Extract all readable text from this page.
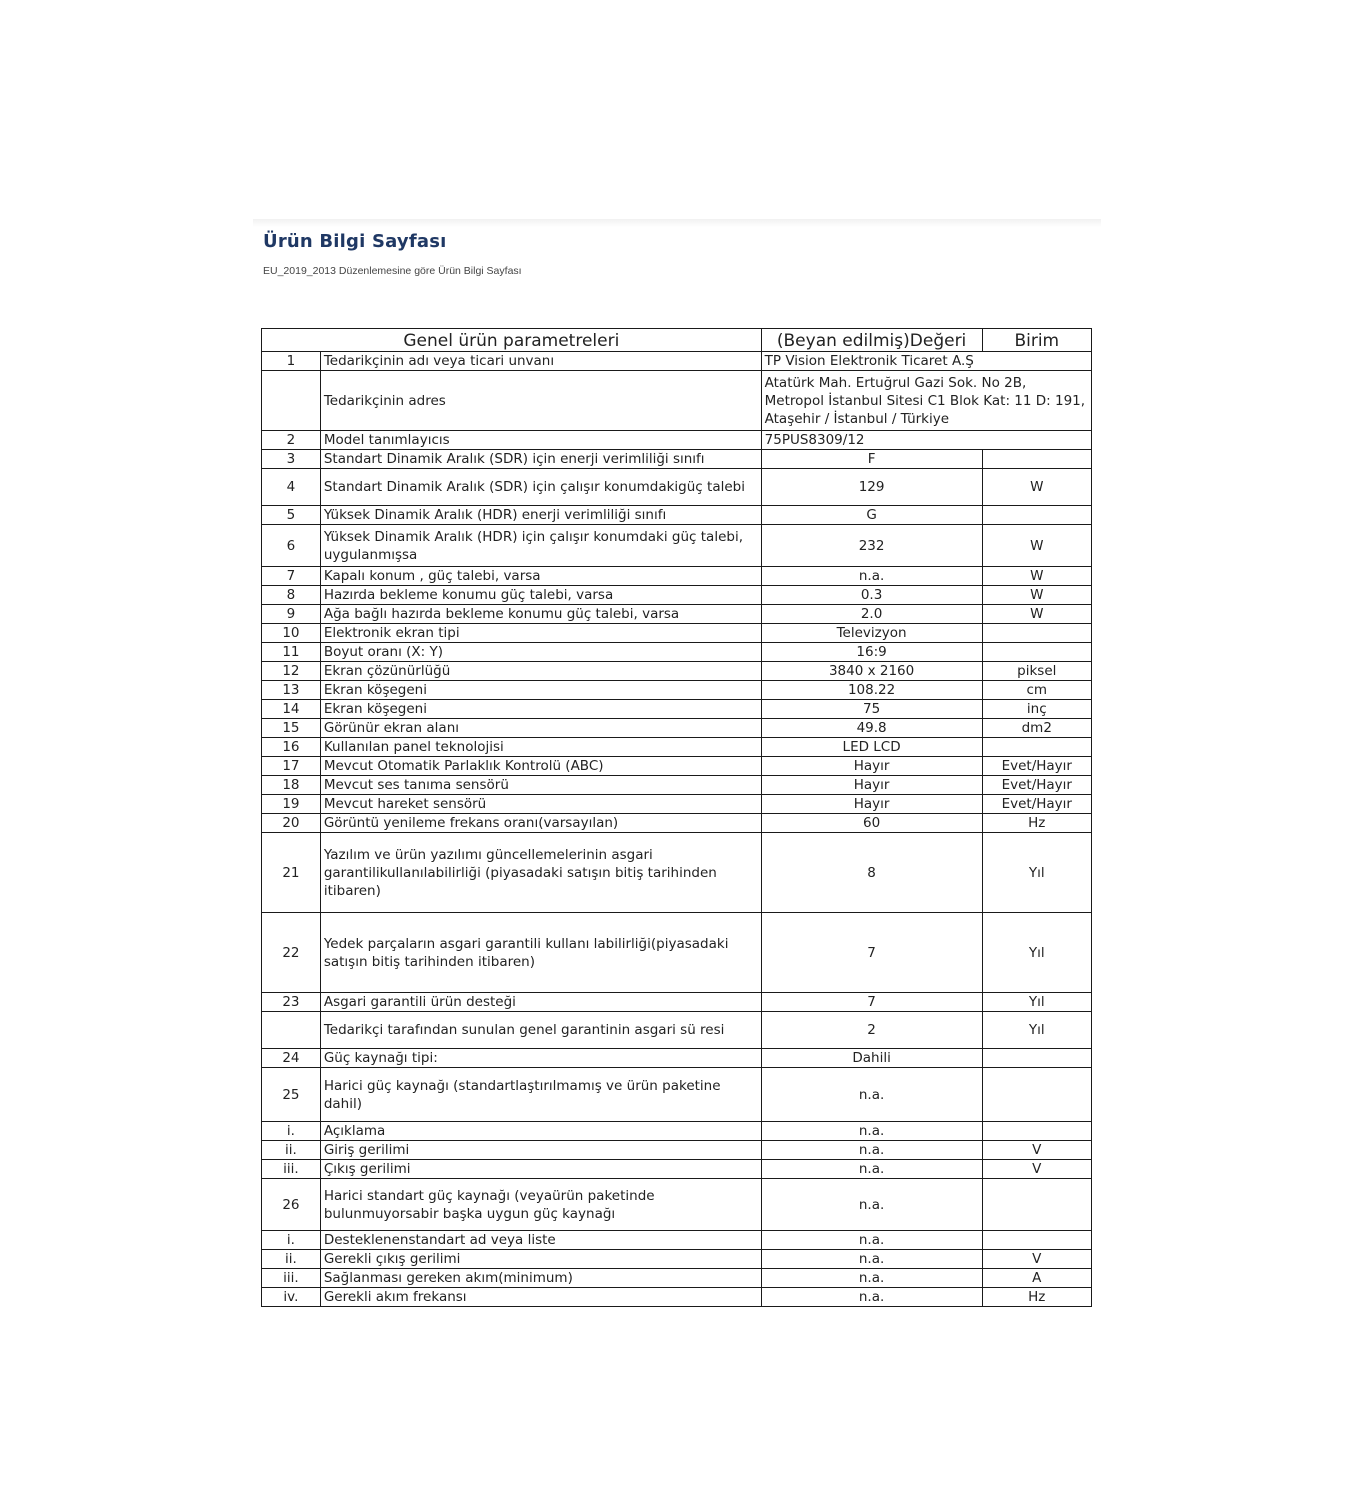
Ürün Bilgi Sayfası
EU_2019_2013 Düzenlemesine göre Ürün Bilgi Sayfası
Genel ürün parametreleri		(Beyan edilmiş)Değeri	Birim
1	Tedarikçinin adı veya ticari unvanı	TP Vision Elektronik Ticaret A.Ş	
	Tedarikçinin adres	Atatürk Mah. Ertuğrul Gazi Sok. No 2B, Metropol İstanbul Sitesi C1 Blok Kat: 11 D: 191, Ataşehir / İstanbul / Türkiye	
2	Model tanımlayıcıs	75PUS8309/12	
3	Standart Dinamik Aralık (SDR) için enerji verimliliği sınıfı	F	
4	Standart Dinamik Aralık (SDR) için çalışır konumdakigüç talebi	129	W
5	Yüksek Dinamik Aralık (HDR) enerji verimliliği sınıfı	G	
6	Yüksek Dinamik Aralık (HDR) için çalışır konumdaki güç talebi, uygulanmışsa	232	W
7	Kapalı konum , güç talebi, varsa	n.a.	W
8	Hazırda bekleme konumu güç talebi, varsa	0.3	W
9	Ağa bağlı hazırda bekleme konumu güç talebi, varsa	2.0	W
10	Elektronik ekran tipi	Televizyon	
11	Boyut oranı (X: Y)	16:9	
12	Ekran çözünürlüğü	3840 x 2160	piksel
13	Ekran köşegeni	108.22	cm
14	Ekran köşegeni	75	inç
15	Görünür ekran alanı	49.8	dm2
16	Kullanılan panel teknolojisi	LED LCD	
17	Mevcut Otomatik Parlaklık Kontrolü (ABC)	Hayır	Evet/Hayır
18	Mevcut ses tanıma sensörü	Hayır	Evet/Hayır
19	Mevcut hareket sensörü	Hayır	Evet/Hayır
20	Görüntü yenileme frekans oranı(varsayılan)	60	Hz
21	Yazılım ve ürün yazılımı güncellemelerinin asgari garantilikullanılabilirliği (piyasadaki satışın bitiş tarihinden itibaren)	8	Yıl
22	Yedek parçaların asgari garantili kullanı labilirliği(piyasadaki satışın bitiş tarihinden itibaren)	7	Yıl
23	Asgari garantili ürün desteği	7	Yıl
	Tedarikçi tarafından sunulan genel garantinin asgari sü resi	2	Yıl
24	Güç kaynağı tipi:	Dahili	
25	Harici güç kaynağı (standartlaştırılmamış ve ürün paketine dahil)	n.a.	
i.	Açıklama	n.a.	
ii.	Giriş gerilimi	n.a.	V
iii.	Çıkış gerilimi	n.a.	V
26	Harici standart güç kaynağı (veyaürün paketinde bulunmuyorsabir başka uygun güç kaynağı	n.a.	
i.	Desteklenenstandart ad veya liste	n.a.	
ii.	Gerekli çıkış gerilimi	n.a.	V
iii.	Sağlanması gereken akım(minimum)	n.a.	A
iv.	Gerekli akım frekansı	n.a.	Hz
